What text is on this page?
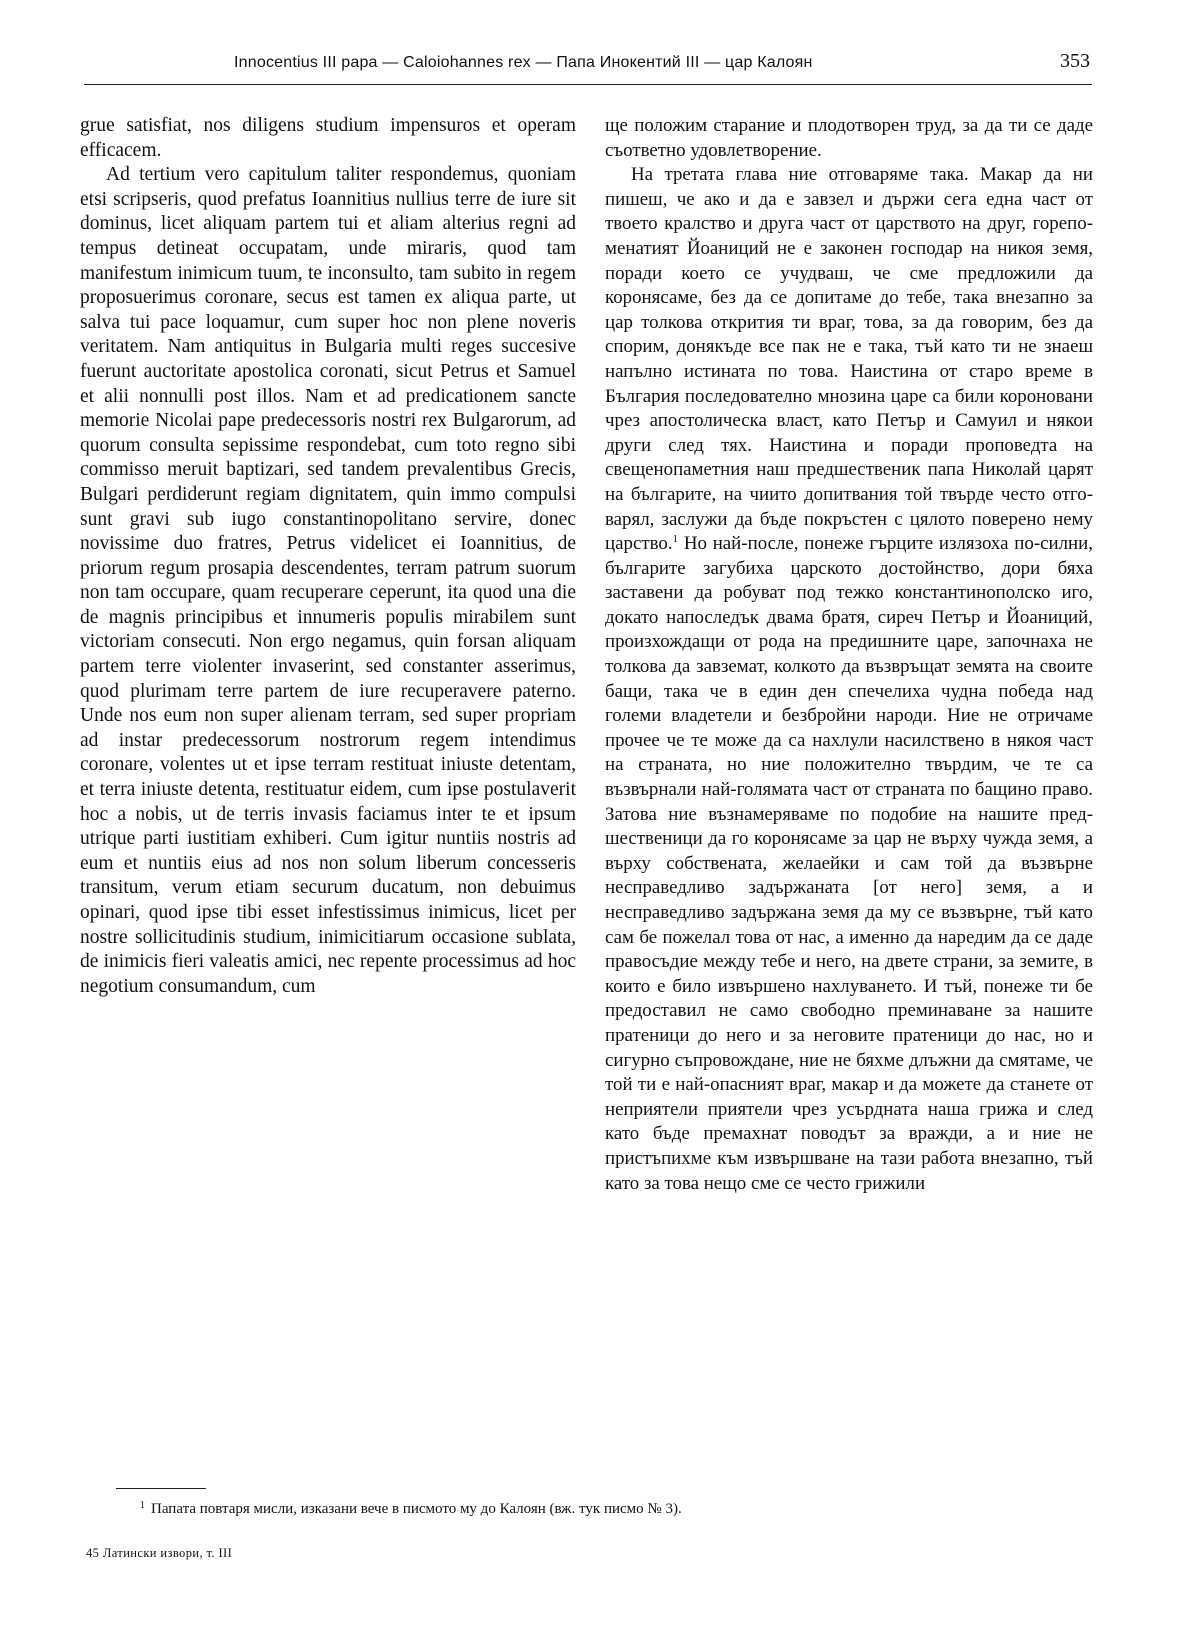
Innocentius III papa — Caloiohannes rex — Папа Инокентий III — цар Калоян	353

grue satisfiat, nos diligens studium impensuros et operam efficacem.

Ad tertium vero capitulum taliter respondemus, quoniam etsi scripseris, quod prefatus Ioannitius nullius terre de iure sit dominus, licet aliquam partem tui et aliam alterius regni ad tempus detineat occupatam, unde miraris, quod tam manifestum inimicum tuum, te inconsulto, tam subito in regem proposuerimus coronare, secus est tamen ex aliqua parte, ut salva tui pace loquamur, cum super hoc non plene noveris veritatem. Nam antiquitus in Bulgaria multi reges succesive fuerunt auctoritate apostolica coronati, sicut Petrus et Samuel et alii nonnulli post illos. Nam et ad predicationem sancte memorie Nicolai pape predecessoris nostri rex Bulgarorum, ad quorum consulta sepissime respondebat, cum toto regno sibi commisso meruit baptizari, sed tandem prevalentibus Grecis, Bulgari perdiderunt regiam dignitatem, quin immo compulsi sunt gravi sub iugo constantinopolitano servire, donec novissime duo fratres, Petrus videlicet ei Ioannitius, de priorum regum prosapia descendentes, terram patrum suorum non tam occupare, quam recuperare ceperunt, ita quod una die de magnis principibus et innumeris populis mirabilem sunt victoriam consecuti. Non ergo negamus, quin forsan aliquam partem terre violenter invaserint, sed constanter asserimus, quod plurimam terre partem de iure recuperavere paterno. Unde nos eum non super alienam terram, sed super propriam ad instar predecessorum nostrorum regem intendimus coronare, volentes ut et ipse terram restituat iniuste detentam, et terra iniuste detenta, restituatur eidem, cum ipse postulaverit hoc a nobis, ut de terris invasis faciamus inter te et ipsum utrique parti iustitiam exhiberi. Cum igitur nuntiis nostris ad eum et nuntiis eius ad nos non solum liberum concesseris transitum, verum etiam securum ducatum, non debuimus opinari, quod ipse tibi esset infestissimus inimicus, licet per nostre sollicitudinis studium, inimicitiarum occasione sublata, de inimicis fieri valeatis amici, nec repente processimus ad hoc negotium consumandum, cum

ще положим старание и плодотворен труд, за да ти се даде съответно удовлетворение.

На третата глава ние отговаряме така. Макар да ни пишеш, че ако и да е завзел и държи сега една част от твоето кралство и друга част от царството на друг, горепоменатият Йоаниций не е законен господар на никоя земя, поради което се учудваш, че сме предложили да коронясаме, без да се допитаме до тебе, така внезапно за цар толкова открития ти враг, това, за да говорим, без да спорим, донякъде все пак не е така, тъй като ти не знаеш напълно истината по това. Наистина от старо време в България последователно мнозина царе са били короновани чрез апостолическа власт, като Петър и Самуил и някои други след тях. Наистина и поради проповедта на свещенопаметния наш предшественик папа Николай царят на българите, на чиито допитвания той твърде често отговарял, заслужи да бъде покръстен с цялото поверено нему царство.$^1$ Но най-после, понеже гърците излязоха по-силни, българите загубиха царското достойнство, дори бяха заставени да робуват под тежко константинополско иго, докато напоследък двама братя, сиреч Петър и Йоаниций, произхождащи от рода на предишните царе, започнаха не толкова да завземат, колкото да възвръщат земята на своите бащи, така че в един ден спечелиха чудна победа над големи владетели и безбройни народи. Ние не отричаме прочее че те може да са нахлули насилствено в някоя част на страната, но ние положително твърдим, че те са възвърнали най-голямата част от страната по бащино право. Затова ние възнамеряваме по подобие на нашите предшественици да го коронясаме за цар не върху чужда земя, а върху собствената, желаейки и сам той да възвърне несправедливо задържаната [от него] земя, а и несправедливо задържана земя да му се възвърне, тъй като сам бе пожелал това от нас, а именно да наредим да се даде правосъдие между тебе и него, на двете страни, за земите, в които е било извършено нахлуването. И тъй, понеже ти бе предоставил не само свободно преминаване за нашите пратеници до него и за неговите пратеници до нас, но и сигурно съпровождане, ние не бяхме длъжни да смятаме, че той ти е най-опасният враг, макар и да можете да станете от неприятели приятели чрез усърдната наша грижа и след като бъде премахнат поводът за вражди, а и ние не пристъпихме към извършване на тази работа внезапно, тъй като за това нещо сме се често грижили

$^1$ Папата повтаря мисли, изказани вече в писмото му до Калоян (вж. тук писмо № 3).
45 Латински извори, т. III
